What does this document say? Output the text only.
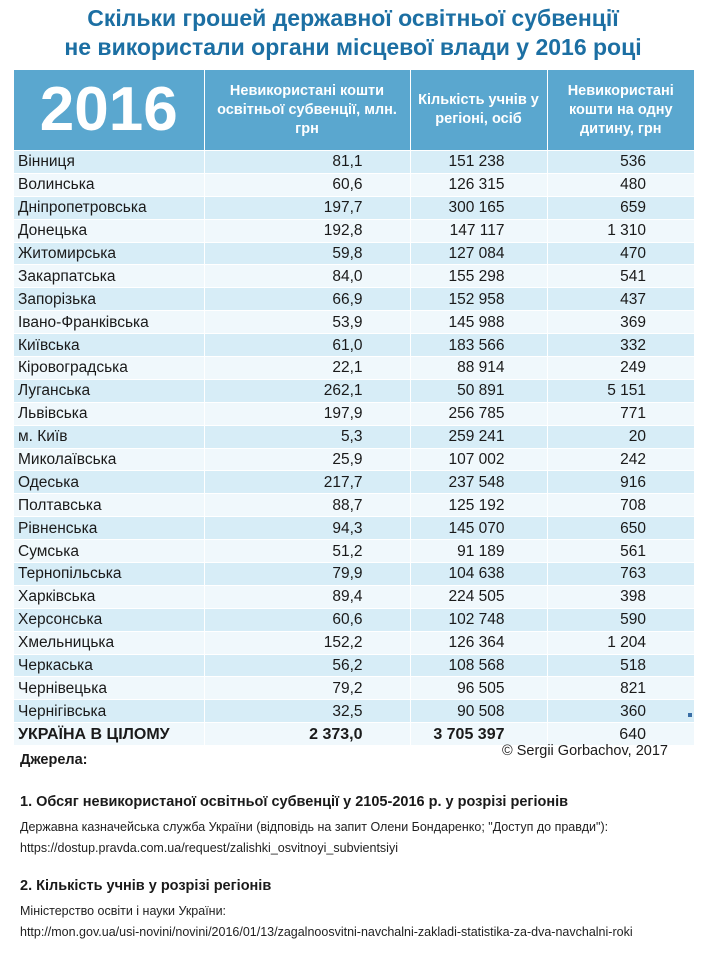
Скільки грошей державної освітньої субвенції
не використали органи місцевої влади у 2016 році
2016	Невикористані кошти освітньої субвенції, млн. грн	Кількість учнів у регіоні, осіб	Невикористані кошти на одну дитину, грн
Вінниця	81,1	151 238	536
Волинська	60,6	126 315	480
Дніпропетровська	197,7	300 165	659
Донецька	192,8	147 117	1 310
Житомирська	59,8	127 084	470
Закарпатська	84,0	155 298	541
Запорізька	66,9	152 958	437
Івано-Франківська	53,9	145 988	369
Київська	61,0	183 566	332
Кіровоградська	22,1	88 914	249
Луганська	262,1	50 891	5 151
Львівська	197,9	256 785	771
м. Київ	5,3	259 241	20
Миколаївська	25,9	107 002	242
Одеська	217,7	237 548	916
Полтавська	88,7	125 192	708
Рівненська	94,3	145 070	650
Сумська	51,2	91 189	561
Тернопільська	79,9	104 638	763
Харківська	89,4	224 505	398
Херсонська	60,6	102 748	590
Хмельницька	152,2	126 364	1 204
Черкаська	56,2	108 568	518
Чернівецька	79,2	96 505	821
Чернігівська	32,5	90 508	360
УКРАЇНА В ЦІЛОМУ	2 373,0	3 705 397	640
© Sergii Gorbachov, 2017
Джерела:
1. Обсяг невикористаної освітньої субвенції у 2105-2016 р. у розрізі регіонів
Державна казначейська служба України (відповідь на запит Олени Бондаренко; "Доступ до правди"):
https://dostup.pravda.com.ua/request/zalishki_osvitnoyi_subvientsiyi
2. Кількість учнів у розрізі регіонів
Міністерство освіти і науки України:
http://mon.gov.ua/usi-novini/novini/2016/01/13/zagalnoosvitni-navchalni-zakladi-statistika-za-dva-navchalni-roki
